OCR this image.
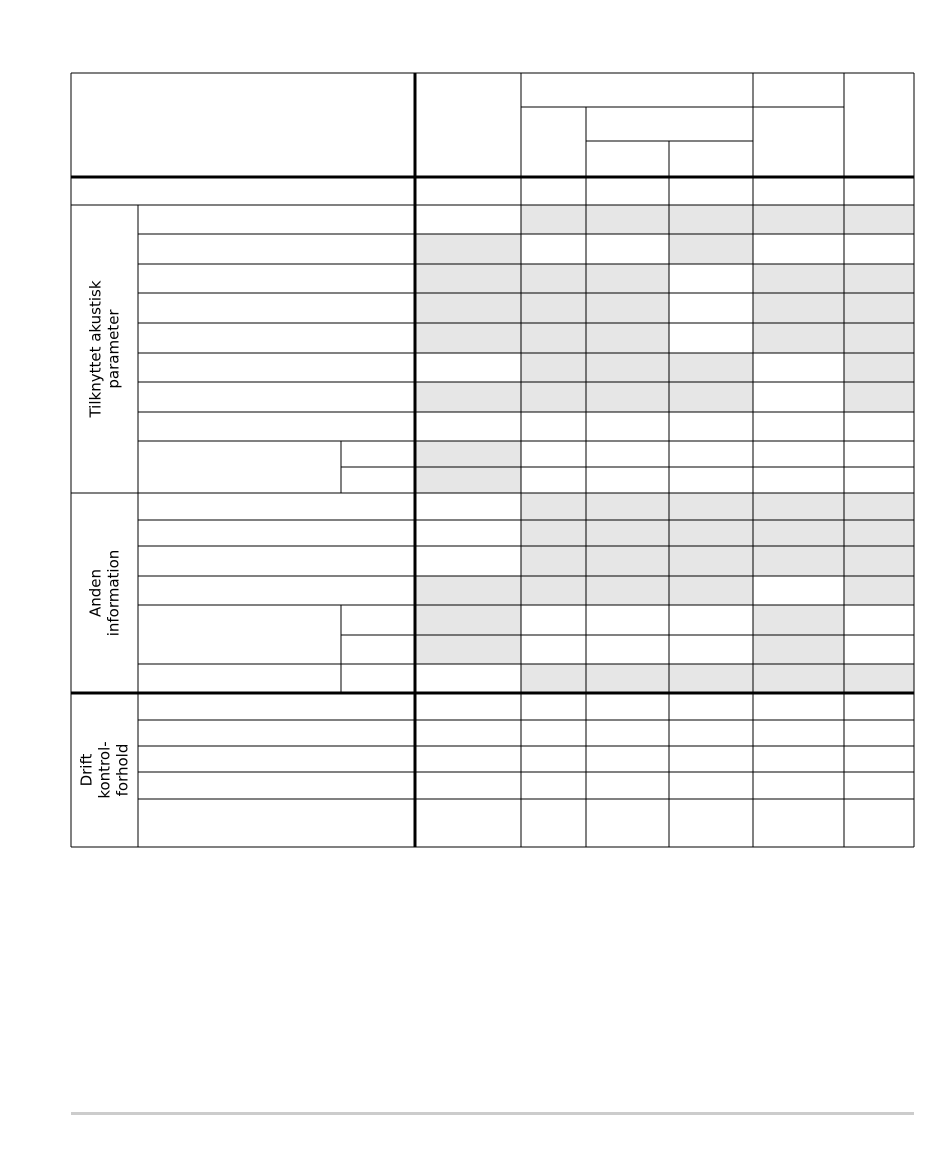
Tilknyttet akustisk parameter
Anden information
Drift kontrol- forhold
